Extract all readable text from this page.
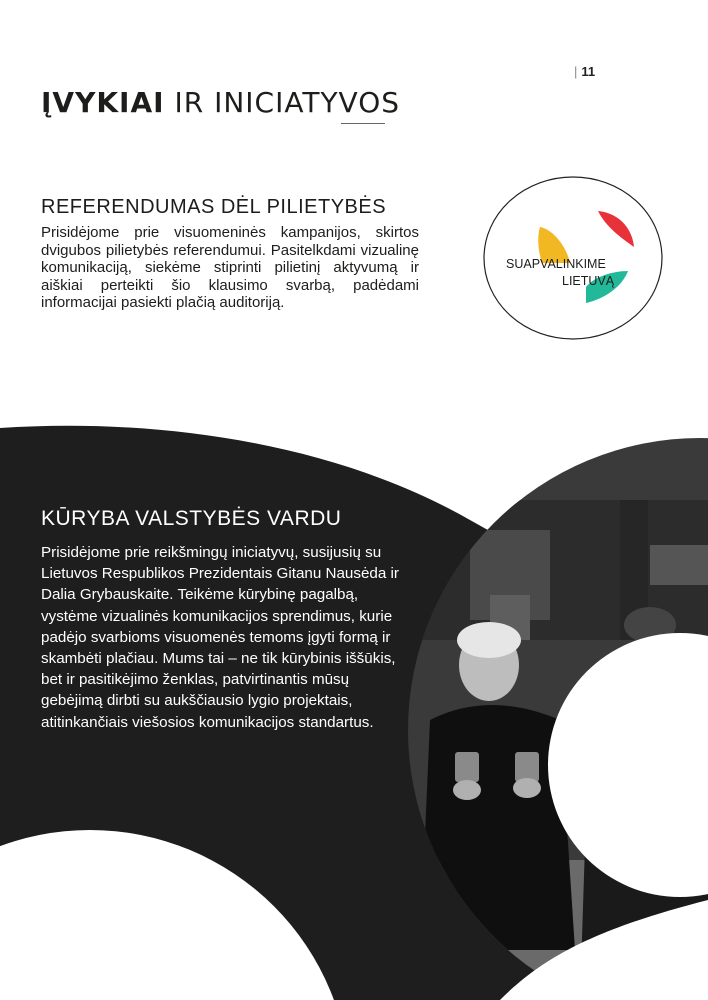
| 11
ĮVYKIAI IR INICIATYVOS
REFERENDUMAS DĖL PILIETYBĖS
Prisidėjome prie visuomeninės kampanijos, skirtos dvigubos pilietybės referendumui. Pasitelkdami vizualinę komunikaciją, siekėme stiprinti pilietinį aktyvumą ir aiškiai perteikti šio klausimo svarbą, padėdami informacijai pasiekti plačią auditoriją.
SUAPVALINKIME
LIETUVĄ
KŪRYBA VALSTYBĖS VARDU
Prisidėjome prie reikšmingų iniciatyvų, susijusių su Lietuvos Respublikos Prezidentais Gitanu Nausėda ir Dalia Grybauskaite. Teikėme kūrybinę pagalbą, vystėme vizualinės komunikacijos sprendimus, kurie padėjo svarbioms visuomenės temoms įgyti formą ir skambėti plačiau. Mums tai – ne tik kūrybinis iššūkis, bet ir pasitikėjimo ženklas, patvirtinantis mūsų gebėjimą dirbti su aukščiausio lygio projektais, atitinkančiais viešosios komunikacijos standartus.
